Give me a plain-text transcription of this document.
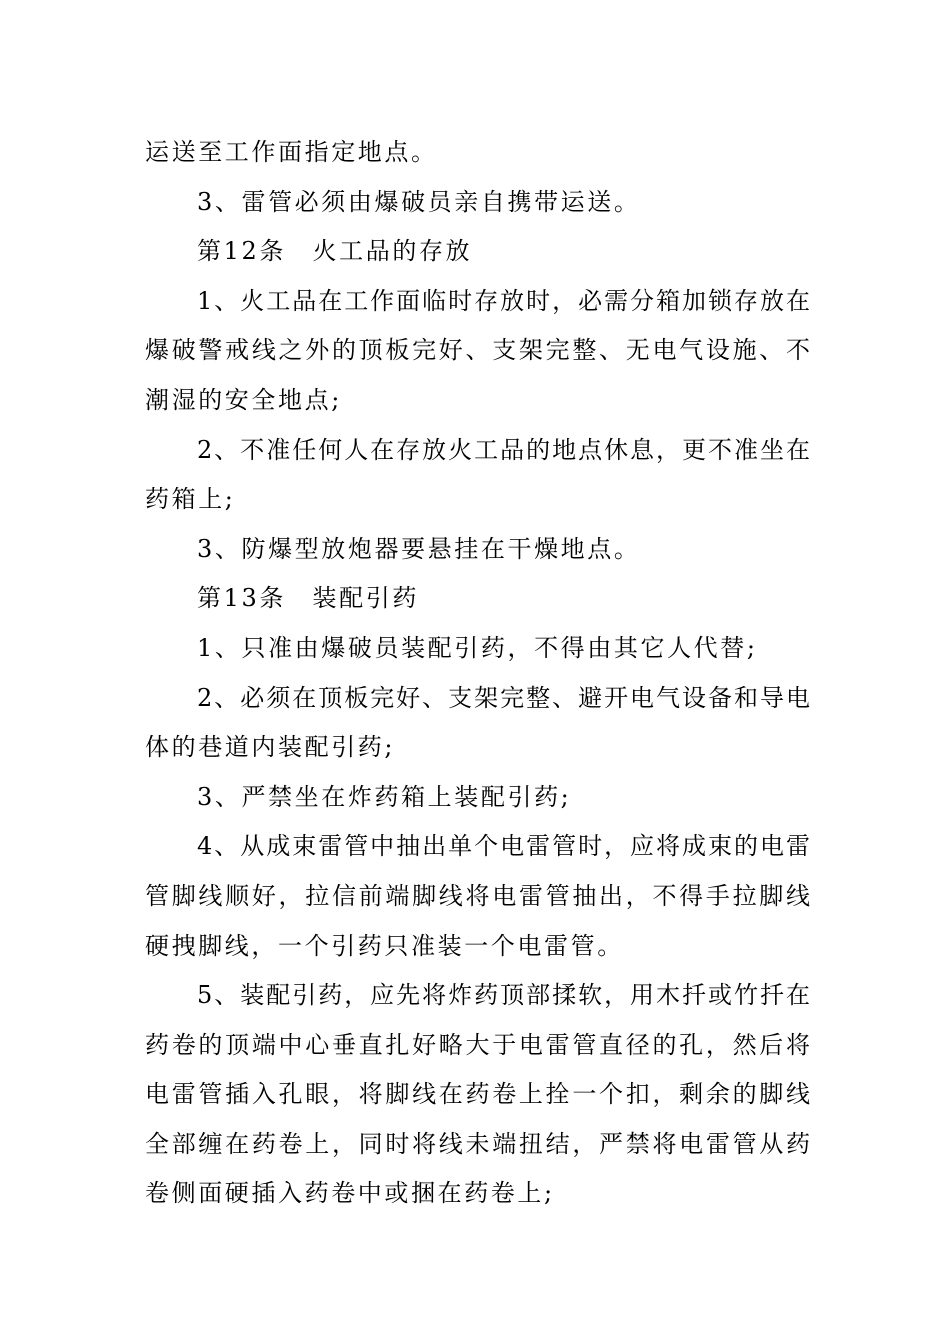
运送至工作面指定地点。
3、雷管必须由爆破员亲自携带运送。
第12条　火工品的存放
1、火工品在工作面临时存放时，必需分箱加锁存放在
爆破警戒线之外的顶板完好、支架完整、无电气设施、不
潮湿的安全地点;
2、不准任何人在存放火工品的地点休息，更不准坐在
药箱上;
3、防爆型放炮器要悬挂在干燥地点。
第13条　装配引药
1、只准由爆破员装配引药，不得由其它人代替;
2、必须在顶板完好、支架完整、避开电气设备和导电
体的巷道内装配引药;
3、严禁坐在炸药箱上装配引药;
4、从成束雷管中抽出单个电雷管时，应将成束的电雷
管脚线顺好，拉信前端脚线将电雷管抽出，不得手拉脚线
硬拽脚线，一个引药只准装一个电雷管。
5、装配引药，应先将炸药顶部揉软，用木扦或竹扦在
药卷的顶端中心垂直扎好略大于电雷管直径的孔，然后将
电雷管插入孔眼，将脚线在药卷上拴一个扣，剩余的脚线
全部缠在药卷上，同时将线未端扭结，严禁将电雷管从药
卷侧面硬插入药卷中或捆在药卷上;
